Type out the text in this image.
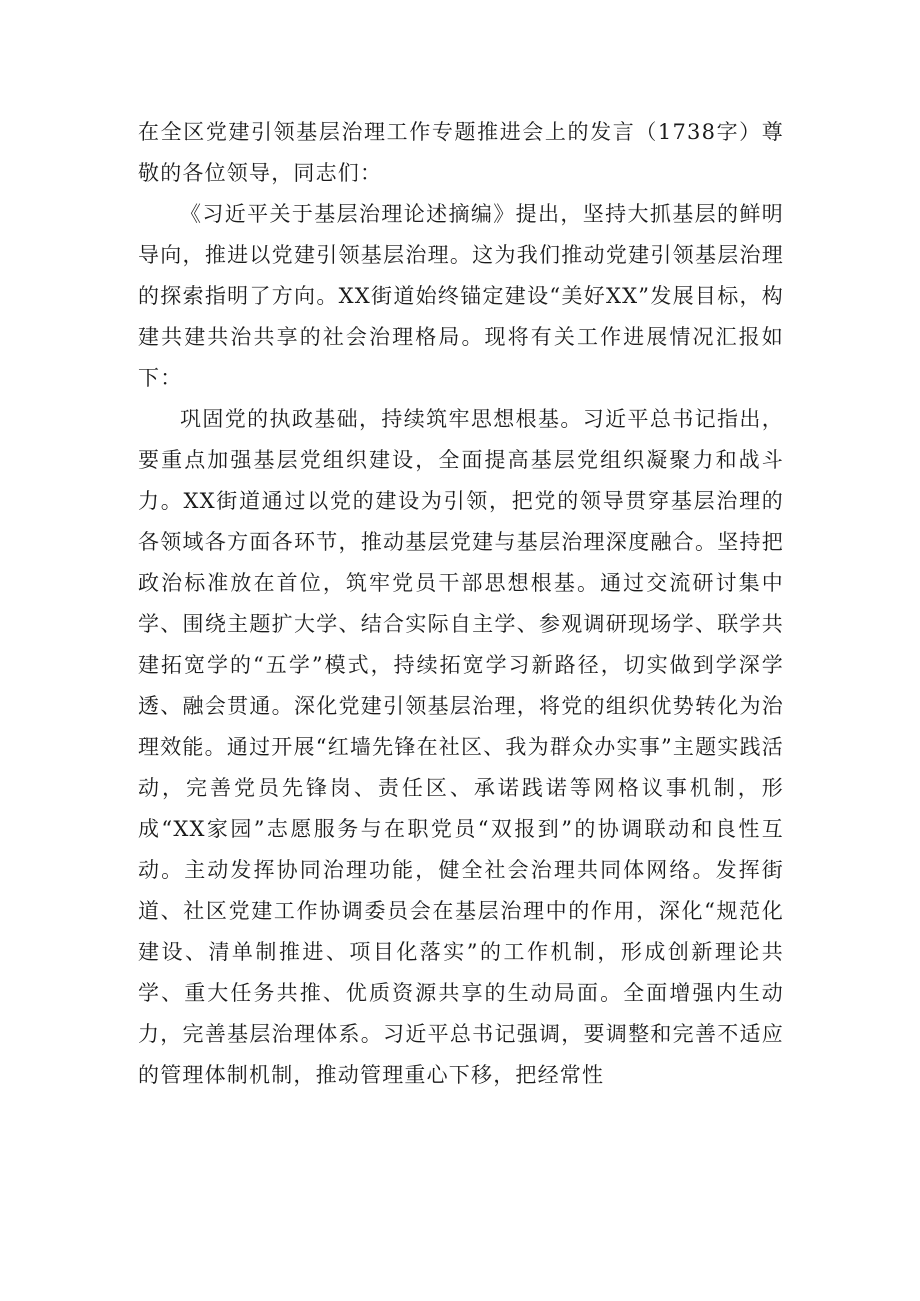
在全区党建引领基层治理工作专题推进会上的发言（1738字）尊敬的各位领导，同志们：

《习近平关于基层治理论述摘编》提出，坚持大抓基层的鲜明导向，推进以党建引领基层治理。这为我们推动党建引领基层治理的探索指明了方向。XX街道始终锚定建设“美好XX”发展目标，构建共建共治共享的社会治理格局。现将有关工作进展情况汇报如下：

巩固党的执政基础，持续筑牢思想根基。习近平总书记指出，要重点加强基层党组织建设，全面提高基层党组织凝聚力和战斗力。XX街道通过以党的建设为引领，把党的领导贯穿基层治理的各领域各方面各环节，推动基层党建与基层治理深度融合。坚持把政治标准放在首位，筑牢党员干部思想根基。通过交流研讨集中学、围绕主题扩大学、结合实际自主学、参观调研现场学、联学共建拓宽学的“五学”模式，持续拓宽学习新路径，切实做到学深学透、融会贯通。深化党建引领基层治理，将党的组织优势转化为治理效能。通过开展“红墙先锋在社区、我为群众办实事”主题实践活动，完善党员先锋岗、责任区、承诺践诺等网格议事机制，形成“XX家园”志愿服务与在职党员“双报到”的协调联动和良性互动。主动发挥协同治理功能，健全社会治理共同体网络。发挥街道、社区党建工作协调委员会在基层治理中的作用，深化“规范化建设、清单制推进、项目化落实”的工作机制，形成创新理论共学、重大任务共推、优质资源共享的生动局面。全面增强内生动力，完善基层治理体系。习近平总书记强调，要调整和完善不适应的管理体制机制，推动管理重心下移，把经常性
